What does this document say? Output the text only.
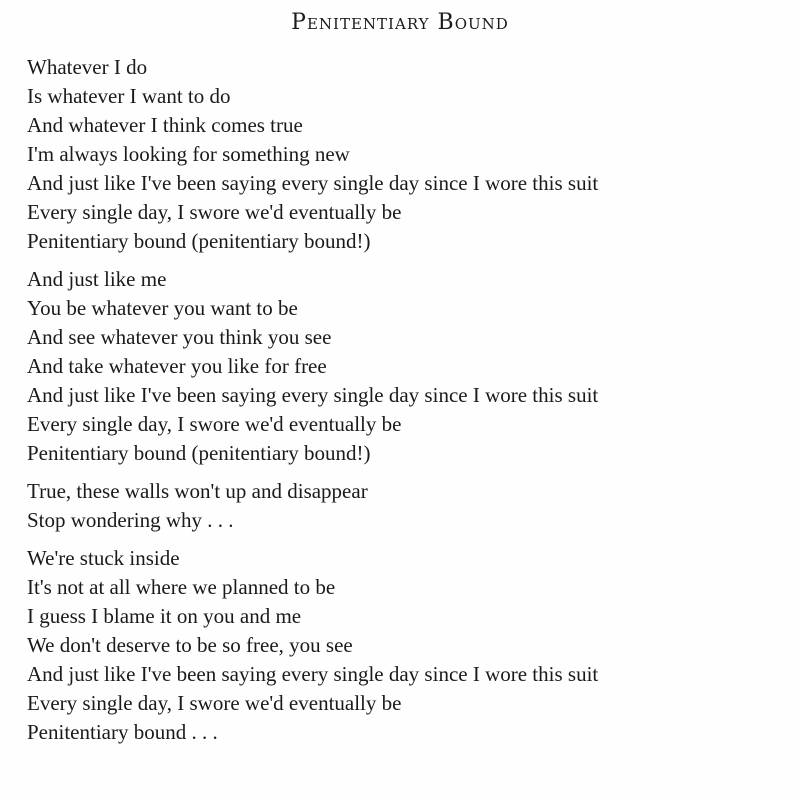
Penitentiary Bound
Whatever I do
Is whatever I want to do
And whatever I think comes true
I'm always looking for something new
And just like I've been saying every single day since I wore this suit
Every single day, I swore we'd eventually be
Penitentiary bound (penitentiary bound!)
And just like me
You be whatever you want to be
And see whatever you think you see
And take whatever you like for free
And just like I've been saying every single day since I wore this suit
Every single day, I swore we'd eventually be
Penitentiary bound (penitentiary bound!)
True, these walls won't up and disappear
Stop wondering why . . .
We're stuck inside
It's not at all where we planned to be
I guess I blame it on you and me
We don't deserve to be so free, you see
And just like I've been saying every single day since I wore this suit
Every single day, I swore we'd eventually be
Penitentiary bound . . .
